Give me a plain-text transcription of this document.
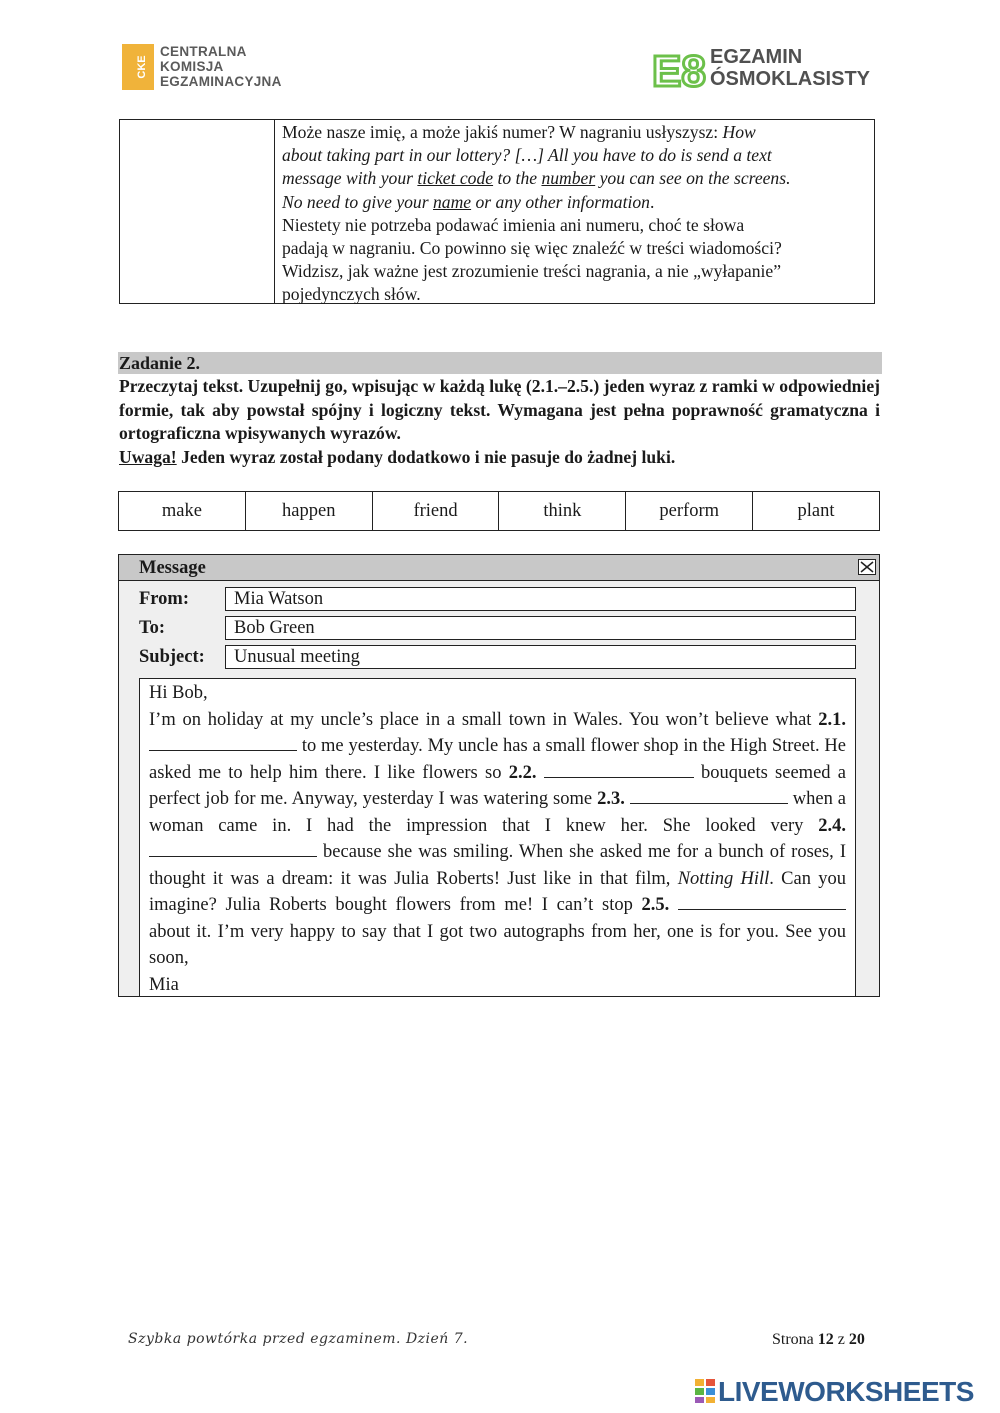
CKE
CENTRALNA
KOMISJA
EGZAMINACYJNA	E8 EGZAMIN
ÓSMOKLASISTY
Może nasze imię, a może jakiś numer? W nagraniu usłyszysz: How
about taking part in our lottery? […] All you have to do is send a text
message with your ticket code to the number you can see on the screens.
No need to give your name or any other information.
Niestety nie potrzeba podawać imienia ani numeru, choć te słowa
padają w nagraniu. Co powinno się więc znaleźć w treści wiadomości?
Widzisz, jak ważne jest zrozumienie treści nagrania, a nie „wyłapanie”
pojedynczych słów.
Zadanie 2.
Przeczytaj tekst. Uzupełnij go, wpisując w każdą lukę (2.1.–2.5.) jeden wyraz z ramki w odpowiedniej formie, tak aby powstał spójny i logiczny tekst. Wymagana jest pełna poprawność gramatyczna i ortograficzna wpisywanych wyrazów.
Uwaga! Jeden wyraz został podany dodatkowo i nie pasuje do żadnej luki.
make	happen	friend	think	perform	plant
Message
From:	Mia Watson
To:	Bob Green
Subject:	Unusual meeting

Hi Bob,

I’m on holiday at my uncle’s place in a small town in Wales. You won’t believe what 2.1.  to me yesterday. My uncle has a small flower shop in the High Street. He asked me to help him there. I like flowers so 2.2.	bouquets seemed a perfect job for me. Anyway, yesterday I was watering some 2.3.	when a woman came in. I had the impression that I knew her. She looked very 2.4.  because she was smiling. When she asked me for a bunch of roses, I thought it was a dream: it was Julia Roberts! Just like in that film, Notting Hill. Can you imagine? Julia Roberts bought flowers from me! I can’t stop 2.5.  about it. I’m very happy to say that I got two autographs from her, one is for you. See you soon,

Mia

Szybka powtórka przed egzaminem. Dzień 7.	Strona 12 z 20
LIVEWORKSHEETS
